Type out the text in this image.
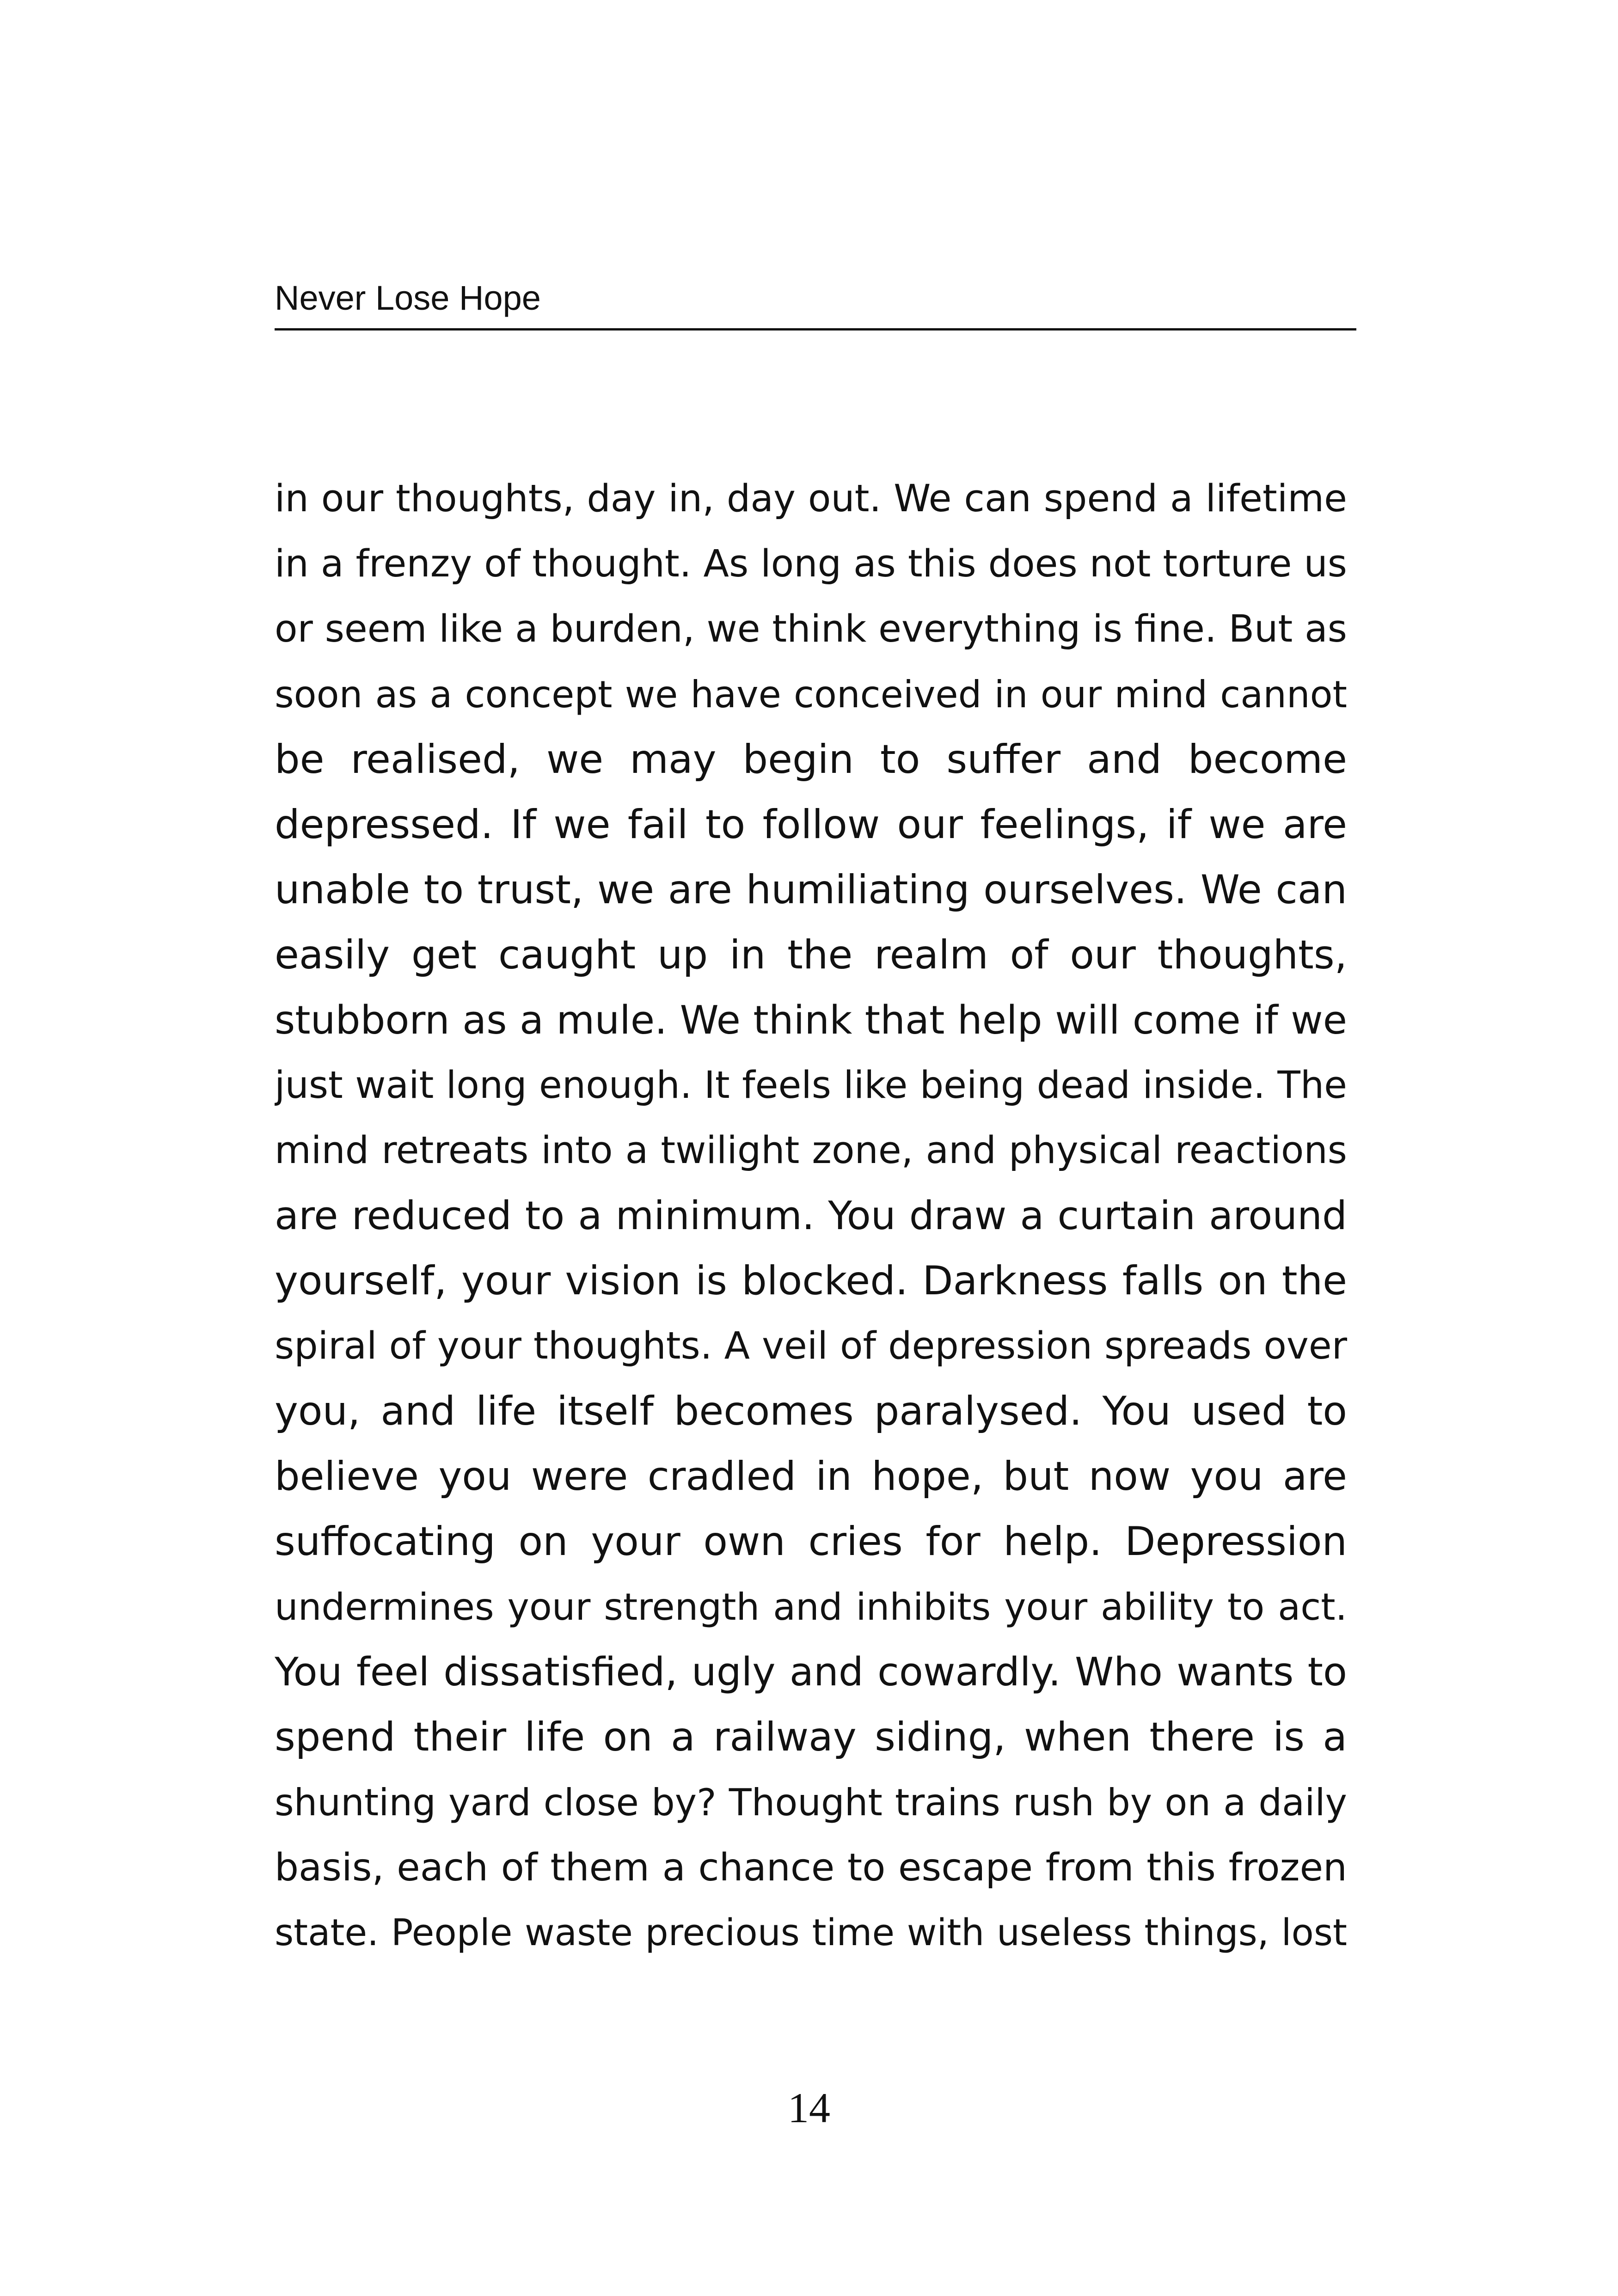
Never Lose Hope
in our thoughts, day in, day out. We can spend a lifetime
in a frenzy of thought. As long as this does not torture us
or seem like a burden, we think everything is fine. But as
soon as a concept we have conceived in our mind cannot
be realised, we may begin to suffer and become
depressed. If we fail to follow our feelings, if we are
unable to trust, we are humiliating ourselves. We can
easily get caught up in the realm of our thoughts,
stubborn as a mule. We think that help will come if we
just wait long enough. It feels like being dead inside. The
mind retreats into a twilight zone, and physical reactions
are reduced to a minimum. You draw a curtain around
yourself, your vision is blocked. Darkness falls on the
spiral of your thoughts. A veil of depression spreads over
you, and life itself becomes paralysed. You used to
believe you were cradled in hope, but now you are
suffocating on your own cries for help. Depression
undermines your strength and inhibits your ability to act.
You feel dissatisfied, ugly and cowardly. Who wants to
spend their life on a railway siding, when there is a
shunting yard close by? Thought trains rush by on a daily
basis, each of them a chance to escape from this frozen
state. People waste precious time with useless things, lost
14
